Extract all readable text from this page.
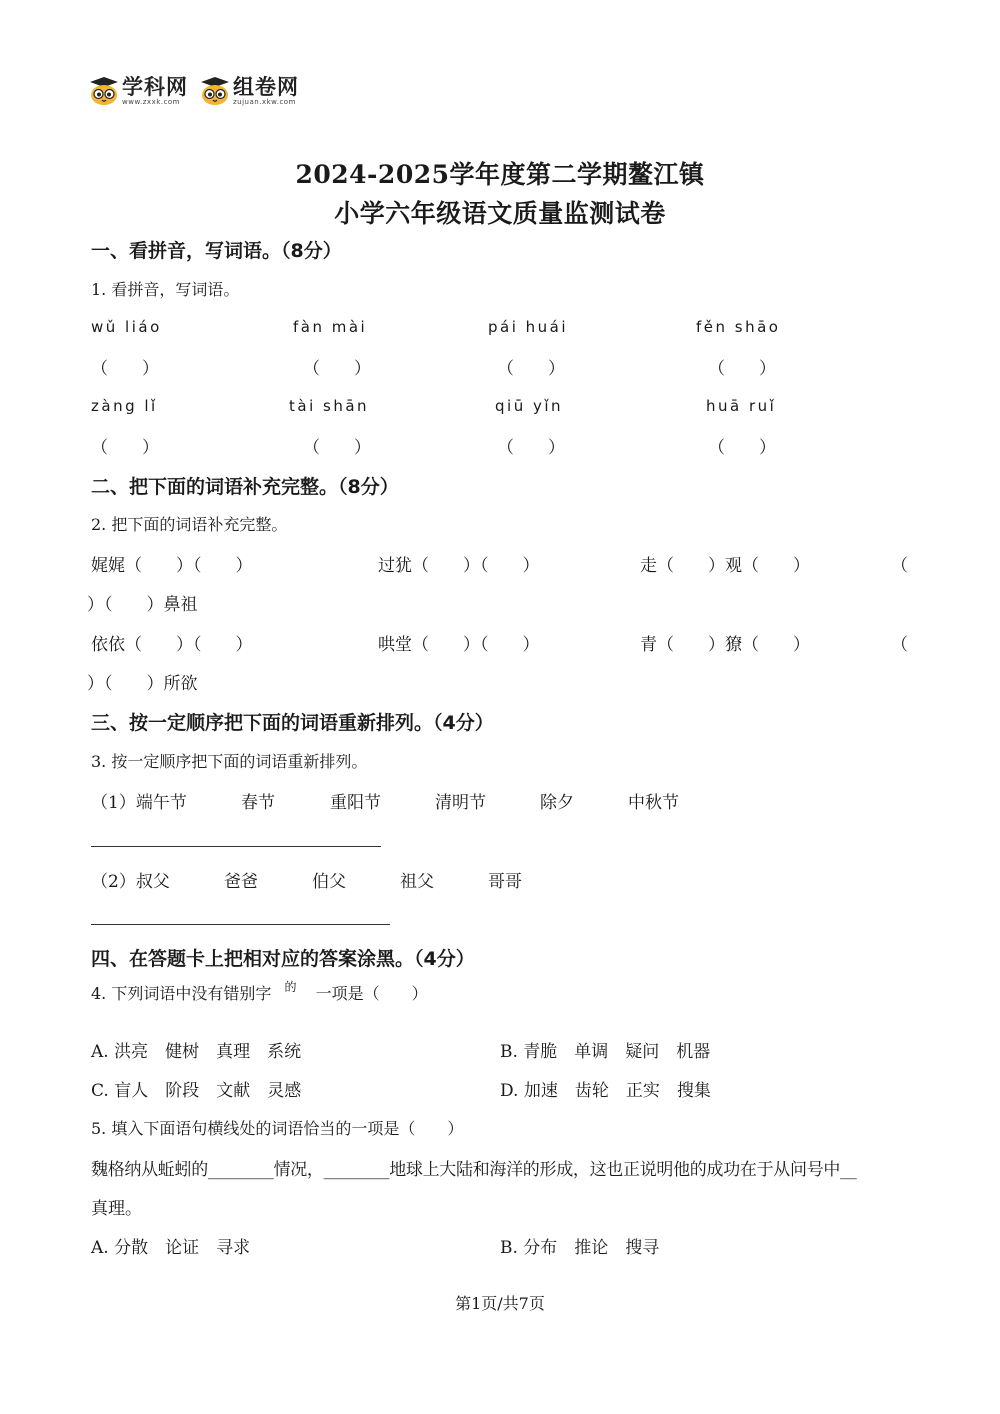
学科网
www.zxxk.com
组卷网
zujuan.xkw.com
2024-2025学年度第二学期鳌江镇
小学六年级语文质量监测试卷
一、看拼音，写词语。（8分）
1. 看拼音，写词语。
wǔ liáo	fàn mài	pái huái	fěn shāo
（　　）	（　　）	（　　）	（　　）
zàng lǐ	tài shān	qiū yǐn	huā ruǐ
（　　）	（　　）	（　　）	（　　）
二、把下面的词语补充完整。（8分）
2. 把下面的词语补充完整。
娓娓（　　）（　　）	过犹（　　）（　　）	走（　　）观（　　）	（
）（　　）鼻祖
依依（　　）（　　）	哄堂（　　）（　　）	青（　　）獠（　　）	（
）（　　）所欲
三、按一定顺序把下面的词语重新排列。（4分）
3. 按一定顺序把下面的词语重新排列。
（1）端午节	春节	重阳节	清明节	除夕	中秋节
（2）叔父	爸爸	伯父	祖父	哥哥
四、在答题卡上把相对应的答案涂黑。（4分）
4. 下列词语中没有错别字 $^的$ 一项是（　　）
A. 洪亮　健树　真理　系统	B. 青脆　单调　疑问　机器
C. 盲人　阶段　文献　灵感	D. 加速　齿轮　正实　搜集
5. 填入下面语句横线处的词语恰当的一项是（　　）
魏格纳从蚯蚓的________情况，________地球上大陆和海洋的形成，这也正说明他的成功在于从问号中__
真理。
A. 分散　论证　寻求	B. 分布　推论　搜寻
第1页/共7页
